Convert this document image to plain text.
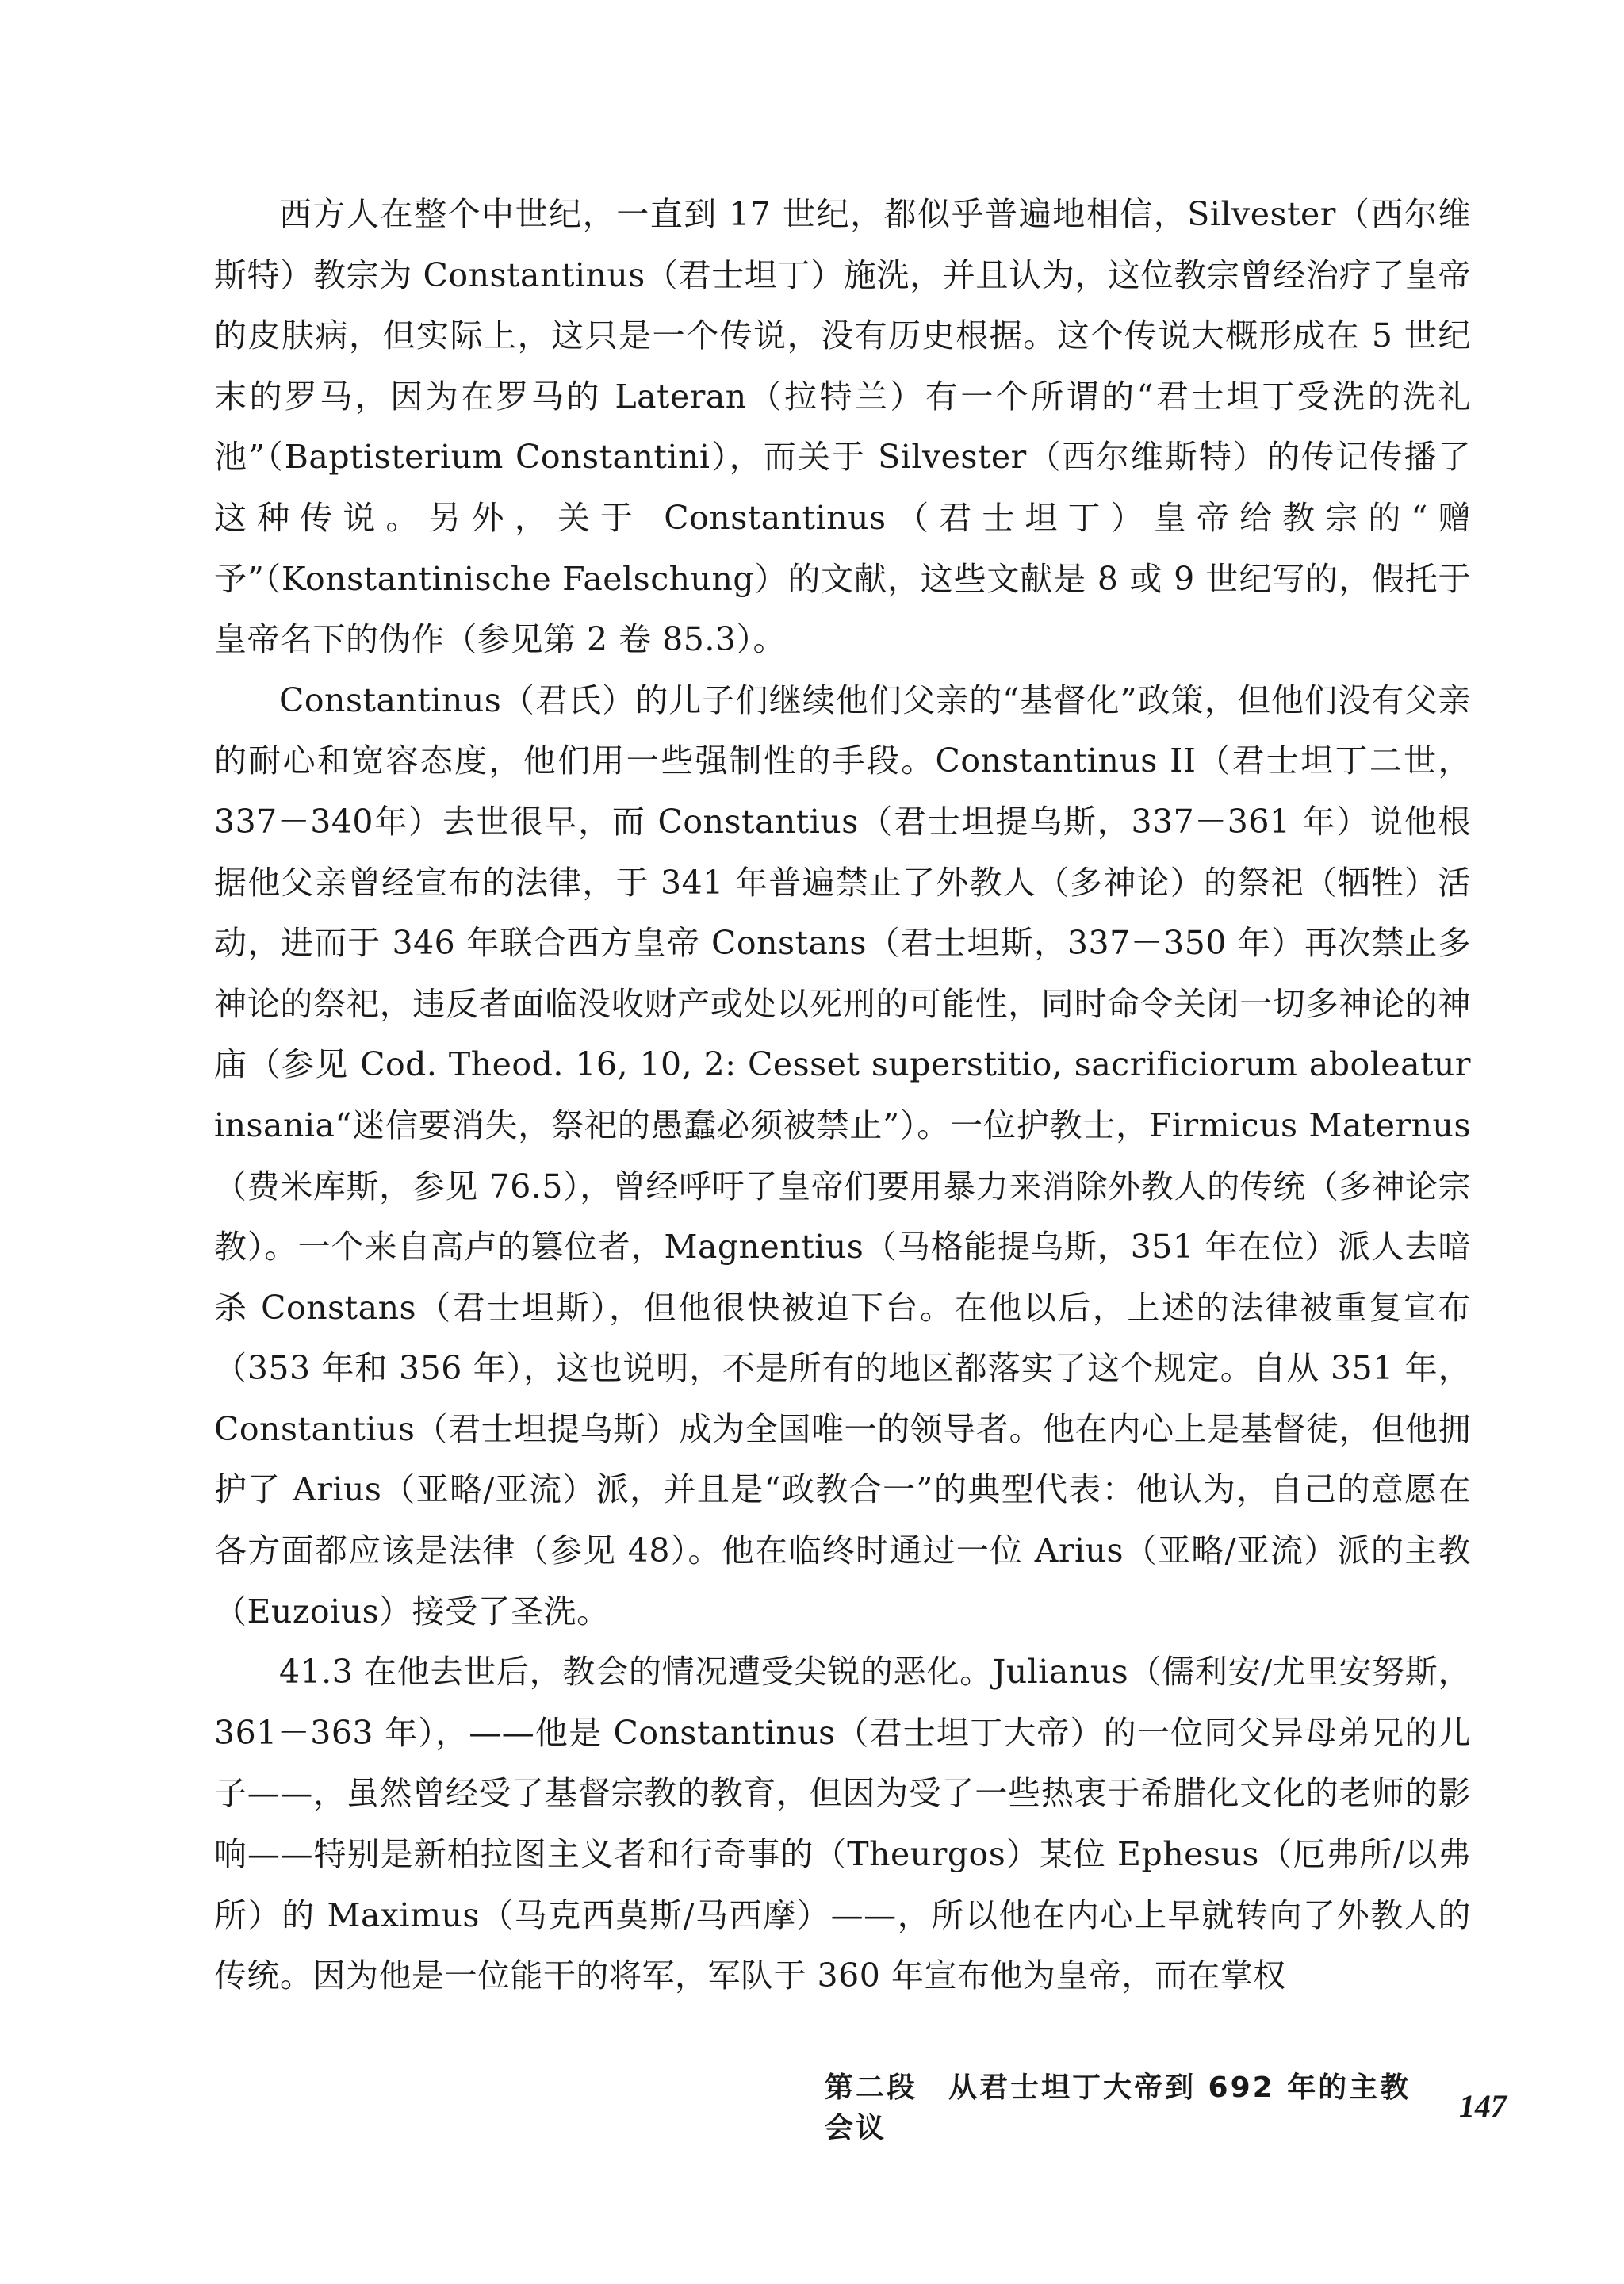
西方人在整个中世纪，一直到 17 世纪，都似乎普遍地相信，Silvester（西尔维斯特）教宗为 Constantinus（君士坦丁）施洗，并且认为，这位教宗曾经治疗了皇帝的皮肤病，但实际上，这只是一个传说，没有历史根据。这个传说大概形成在 5 世纪末的罗马，因为在罗马的 Lateran（拉特兰）有一个所谓的“君士坦丁受洗的洗礼池”（Baptisterium Constantini），而关于 Silvester（西尔维斯特）的传记传播了这种传说。另外，关于 Constantinus（君士坦丁）皇帝给教宗的“赠予”（Konstantinische Faelschung）的文献，这些文献是 8 或 9 世纪写的，假托于皇帝名下的伪作（参见第 2 卷 85.3）。

Constantinus（君氏）的儿子们继续他们父亲的“基督化”政策，但他们没有父亲的耐心和宽容态度，他们用一些强制性的手段。Constantinus II（君士坦丁二世，337－340年）去世很早，而 Constantius（君士坦提乌斯，337－361 年）说他根据他父亲曾经宣布的法律，于 341 年普遍禁止了外教人（多神论）的祭祀（牺牲）活动，进而于 346 年联合西方皇帝 Constans（君士坦斯，337－350 年）再次禁止多神论的祭祀，违反者面临没收财产或处以死刑的可能性，同时命令关闭一切多神论的神庙（参见 Cod. Theod. 16, 10, 2: Cesset superstitio, sacrificiorum aboleatur insania“迷信要消失，祭祀的愚蠢必须被禁止”）。一位护教士，Firmicus Maternus（费米库斯，参见 76.5），曾经呼吁了皇帝们要用暴力来消除外教人的传统（多神论宗教）。一个来自高卢的篡位者，Magnentius（马格能提乌斯，351 年在位）派人去暗杀 Constans（君士坦斯），但他很快被迫下台。在他以后，上述的法律被重复宣布（353 年和 356 年），这也说明，不是所有的地区都落实了这个规定。自从 351 年，Constantius（君士坦提乌斯）成为全国唯一的领导者。他在内心上是基督徒，但他拥护了 Arius（亚略/亚流）派，并且是“政教合一”的典型代表：他认为，自己的意愿在各方面都应该是法律（参见 48）。他在临终时通过一位 Arius（亚略/亚流）派的主教（Euzoius）接受了圣洗。

41.3 在他去世后，教会的情况遭受尖锐的恶化。Julianus（儒利安/尤里安努斯，361－363 年），——他是 Constantinus（君士坦丁大帝）的一位同父异母弟兄的儿子——，虽然曾经受了基督宗教的教育，但因为受了一些热衷于希腊化文化的老师的影响——特别是新柏拉图主义者和行奇事的（Theurgos）某位 Ephesus（厄弗所/以弗所）的 Maximus（马克西莫斯/马西摩）——，所以他在内心上早就转向了外教人的传统。因为他是一位能干的将军，军队于 360 年宣布他为皇帝，而在掌权

第二段　从君士坦丁大帝到 692 年的主教会议
147
